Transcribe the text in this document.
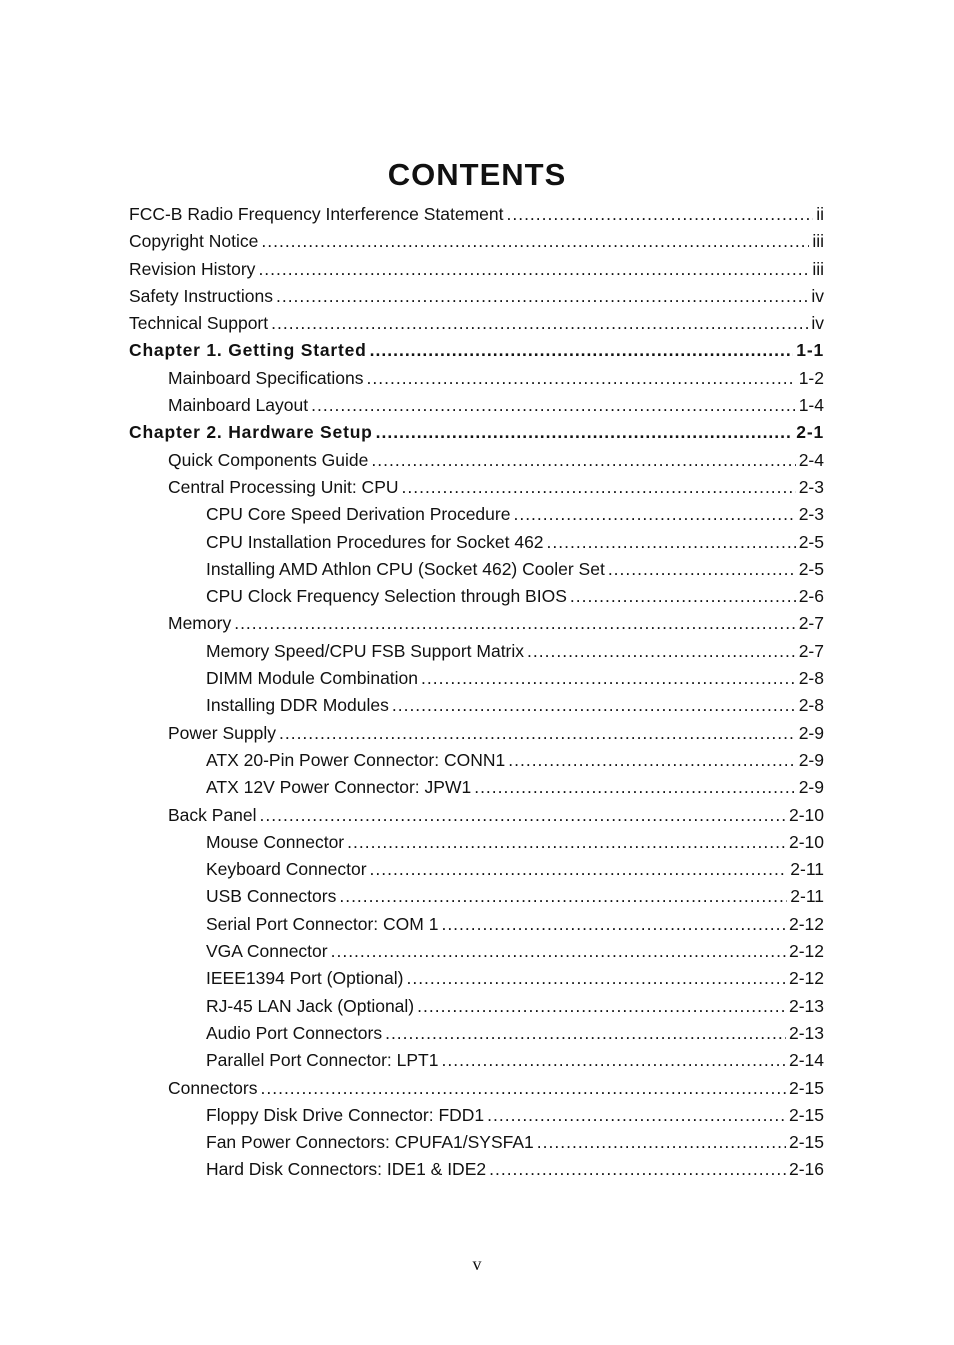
CONTENTS
FCC-B Radio Frequency Interference Statement .....	ii
Copyright Notice .....	iii
Revision History .....	iii
Safety Instructions .....	iv
Technical Support .....	iv
Chapter 1. Getting Started .....	1-1
Mainboard Specifications .....	1-2
Mainboard Layout .....	1-4
Chapter 2. Hardware Setup .....	2-1
Quick Components Guide .....	2-4
Central Processing Unit: CPU .....	2-3
CPU Core Speed Derivation Procedure .....	2-3
CPU Installation Procedures for Socket 462 .....	2-5
Installing AMD Athlon CPU (Socket 462) Cooler Set .....	2-5
CPU Clock Frequency Selection through BIOS .....	2-6
Memory .....	2-7
Memory Speed/CPU FSB Support Matrix .....	2-7
DIMM Module Combination .....	2-8
Installing DDR Modules .....	2-8
Power Supply .....	2-9
ATX 20-Pin Power Connector: CONN1 .....	2-9
ATX 12V Power Connector: JPW1 .....	2-9
Back Panel .....	2-10
Mouse Connector .....	2-10
Keyboard Connector .....	2-11
USB Connectors .....	2-11
Serial Port Connector: COM 1 .....	2-12
VGA Connector .....	2-12
IEEE1394 Port (Optional) .....	2-12
RJ-45 LAN Jack (Optional) .....	2-13
Audio Port Connectors .....	2-13
Parallel Port Connector: LPT1 .....	2-14
Connectors .....	2-15
Floppy Disk Drive Connector: FDD1 .....	2-15
Fan Power Connectors: CPUFA1/SYSFA1 .....	2-15
Hard Disk Connectors: IDE1 & IDE2 .....	2-16
v
